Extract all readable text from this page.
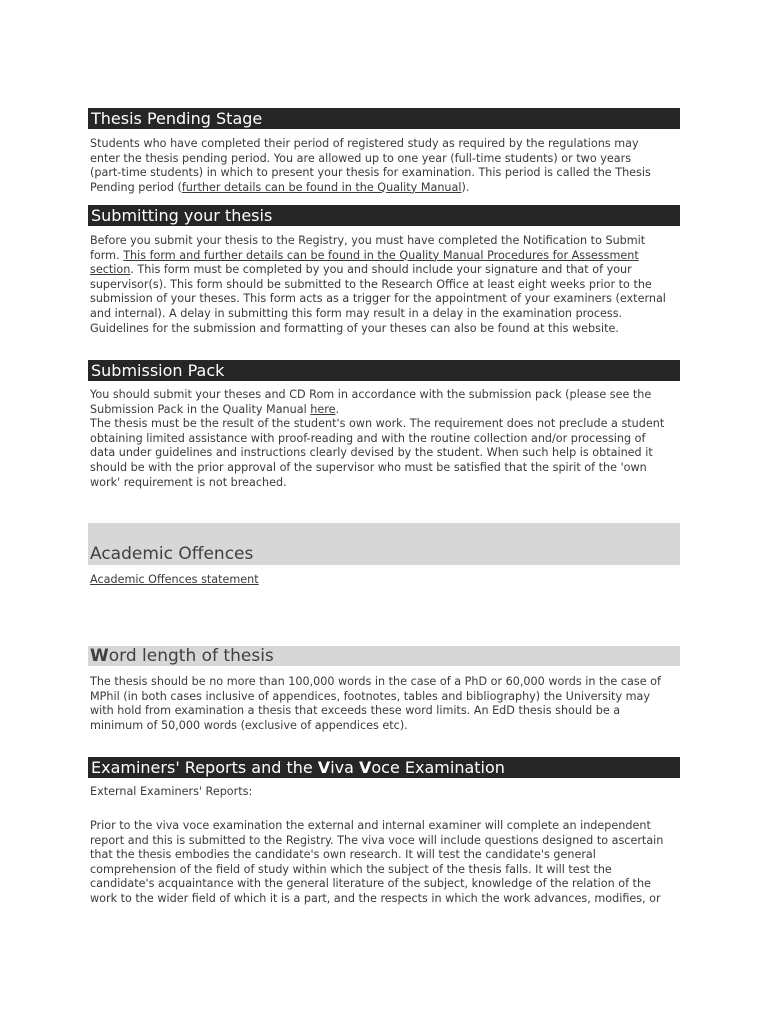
Thesis Pending Stage
Students who have completed their period of registered study as required by the regulations may
enter the thesis pending period. You are allowed up to one year (full-time students) or two years
(part-time students) in which to present your thesis for examination. This period is called the Thesis
Pending period (further details can be found in the Quality Manual).
Submitting your thesis
Before you submit your thesis to the Registry, you must have completed the Notification to Submit
form. This form and further details can be found in the Quality Manual Procedures for Assessment
section. This form must be completed by you and should include your signature and that of your
supervisor(s). This form should be submitted to the Research Office at least eight weeks prior to the
submission of your theses. This form acts as a trigger for the appointment of your examiners (external
and internal). A delay in submitting this form may result in a delay in the examination process.
Guidelines for the submission and formatting of your theses can also be found at this website.
Submission Pack
You should submit your theses and CD Rom in accordance with the submission pack (please see the
Submission Pack in the Quality Manual here.
The thesis must be the result of the student's own work. The requirement does not preclude a student
obtaining limited assistance with proof-reading and with the routine collection and/or processing of
data under guidelines and instructions clearly devised by the student. When such help is obtained it
should be with the prior approval of the supervisor who must be satisfied that the spirit of the 'own
work' requirement is not breached.
Academic Offences
Academic Offences statement
Word length of thesis
The thesis should be no more than 100,000 words in the case of a PhD or 60,000 words in the case of
MPhil (in both cases inclusive of appendices, footnotes, tables and bibliography) the University may
with hold from examination a thesis that exceeds these word limits. An EdD thesis should be a
minimum of 50,000 words (exclusive of appendices etc).
Examiners' Reports and the Viva Voce Examination
External Examiners' Reports:
Prior to the viva voce examination the external and internal examiner will complete an independent
report and this is submitted to the Registry. The viva voce will include questions designed to ascertain
that the thesis embodies the candidate's own research. It will test the candidate's general
comprehension of the field of study within which the subject of the thesis falls. It will test the
candidate's acquaintance with the general literature of the subject, knowledge of the relation of the
work to the wider field of which it is a part, and the respects in which the work advances, modifies, or
